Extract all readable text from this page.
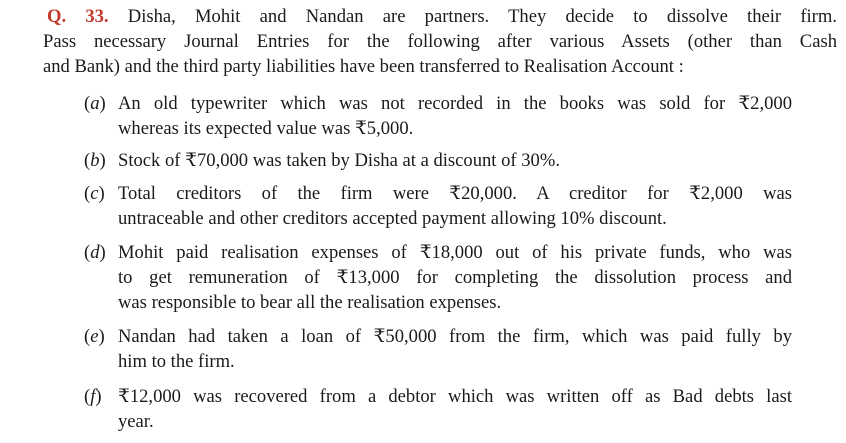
Q. 33. Disha, Mohit and Nandan are partners. They decide to dissolve their firm.
Pass necessary Journal Entries for the following after various Assets (other than Cash
and Bank) and the third party liabilities have been transferred to Realisation Account :
(a) An old typewriter which was not recorded in the books was sold for ₹2,000
whereas its expected value was ₹5,000.
(b) Stock of ₹70,000 was taken by Disha at a discount of 30%.
(c) Total creditors of the firm were ₹20,000. A creditor for ₹2,000 was
untraceable and other creditors accepted payment allowing 10% discount.
(d) Mohit paid realisation expenses of ₹18,000 out of his private funds, who was
to get remuneration of ₹13,000 for completing the dissolution process and
was responsible to bear all the realisation expenses.
(e) Nandan had taken a loan of ₹50,000 from the firm, which was paid fully by
him to the firm.
(f) ₹12,000 was recovered from a debtor which was written off as Bad debts last
year.
